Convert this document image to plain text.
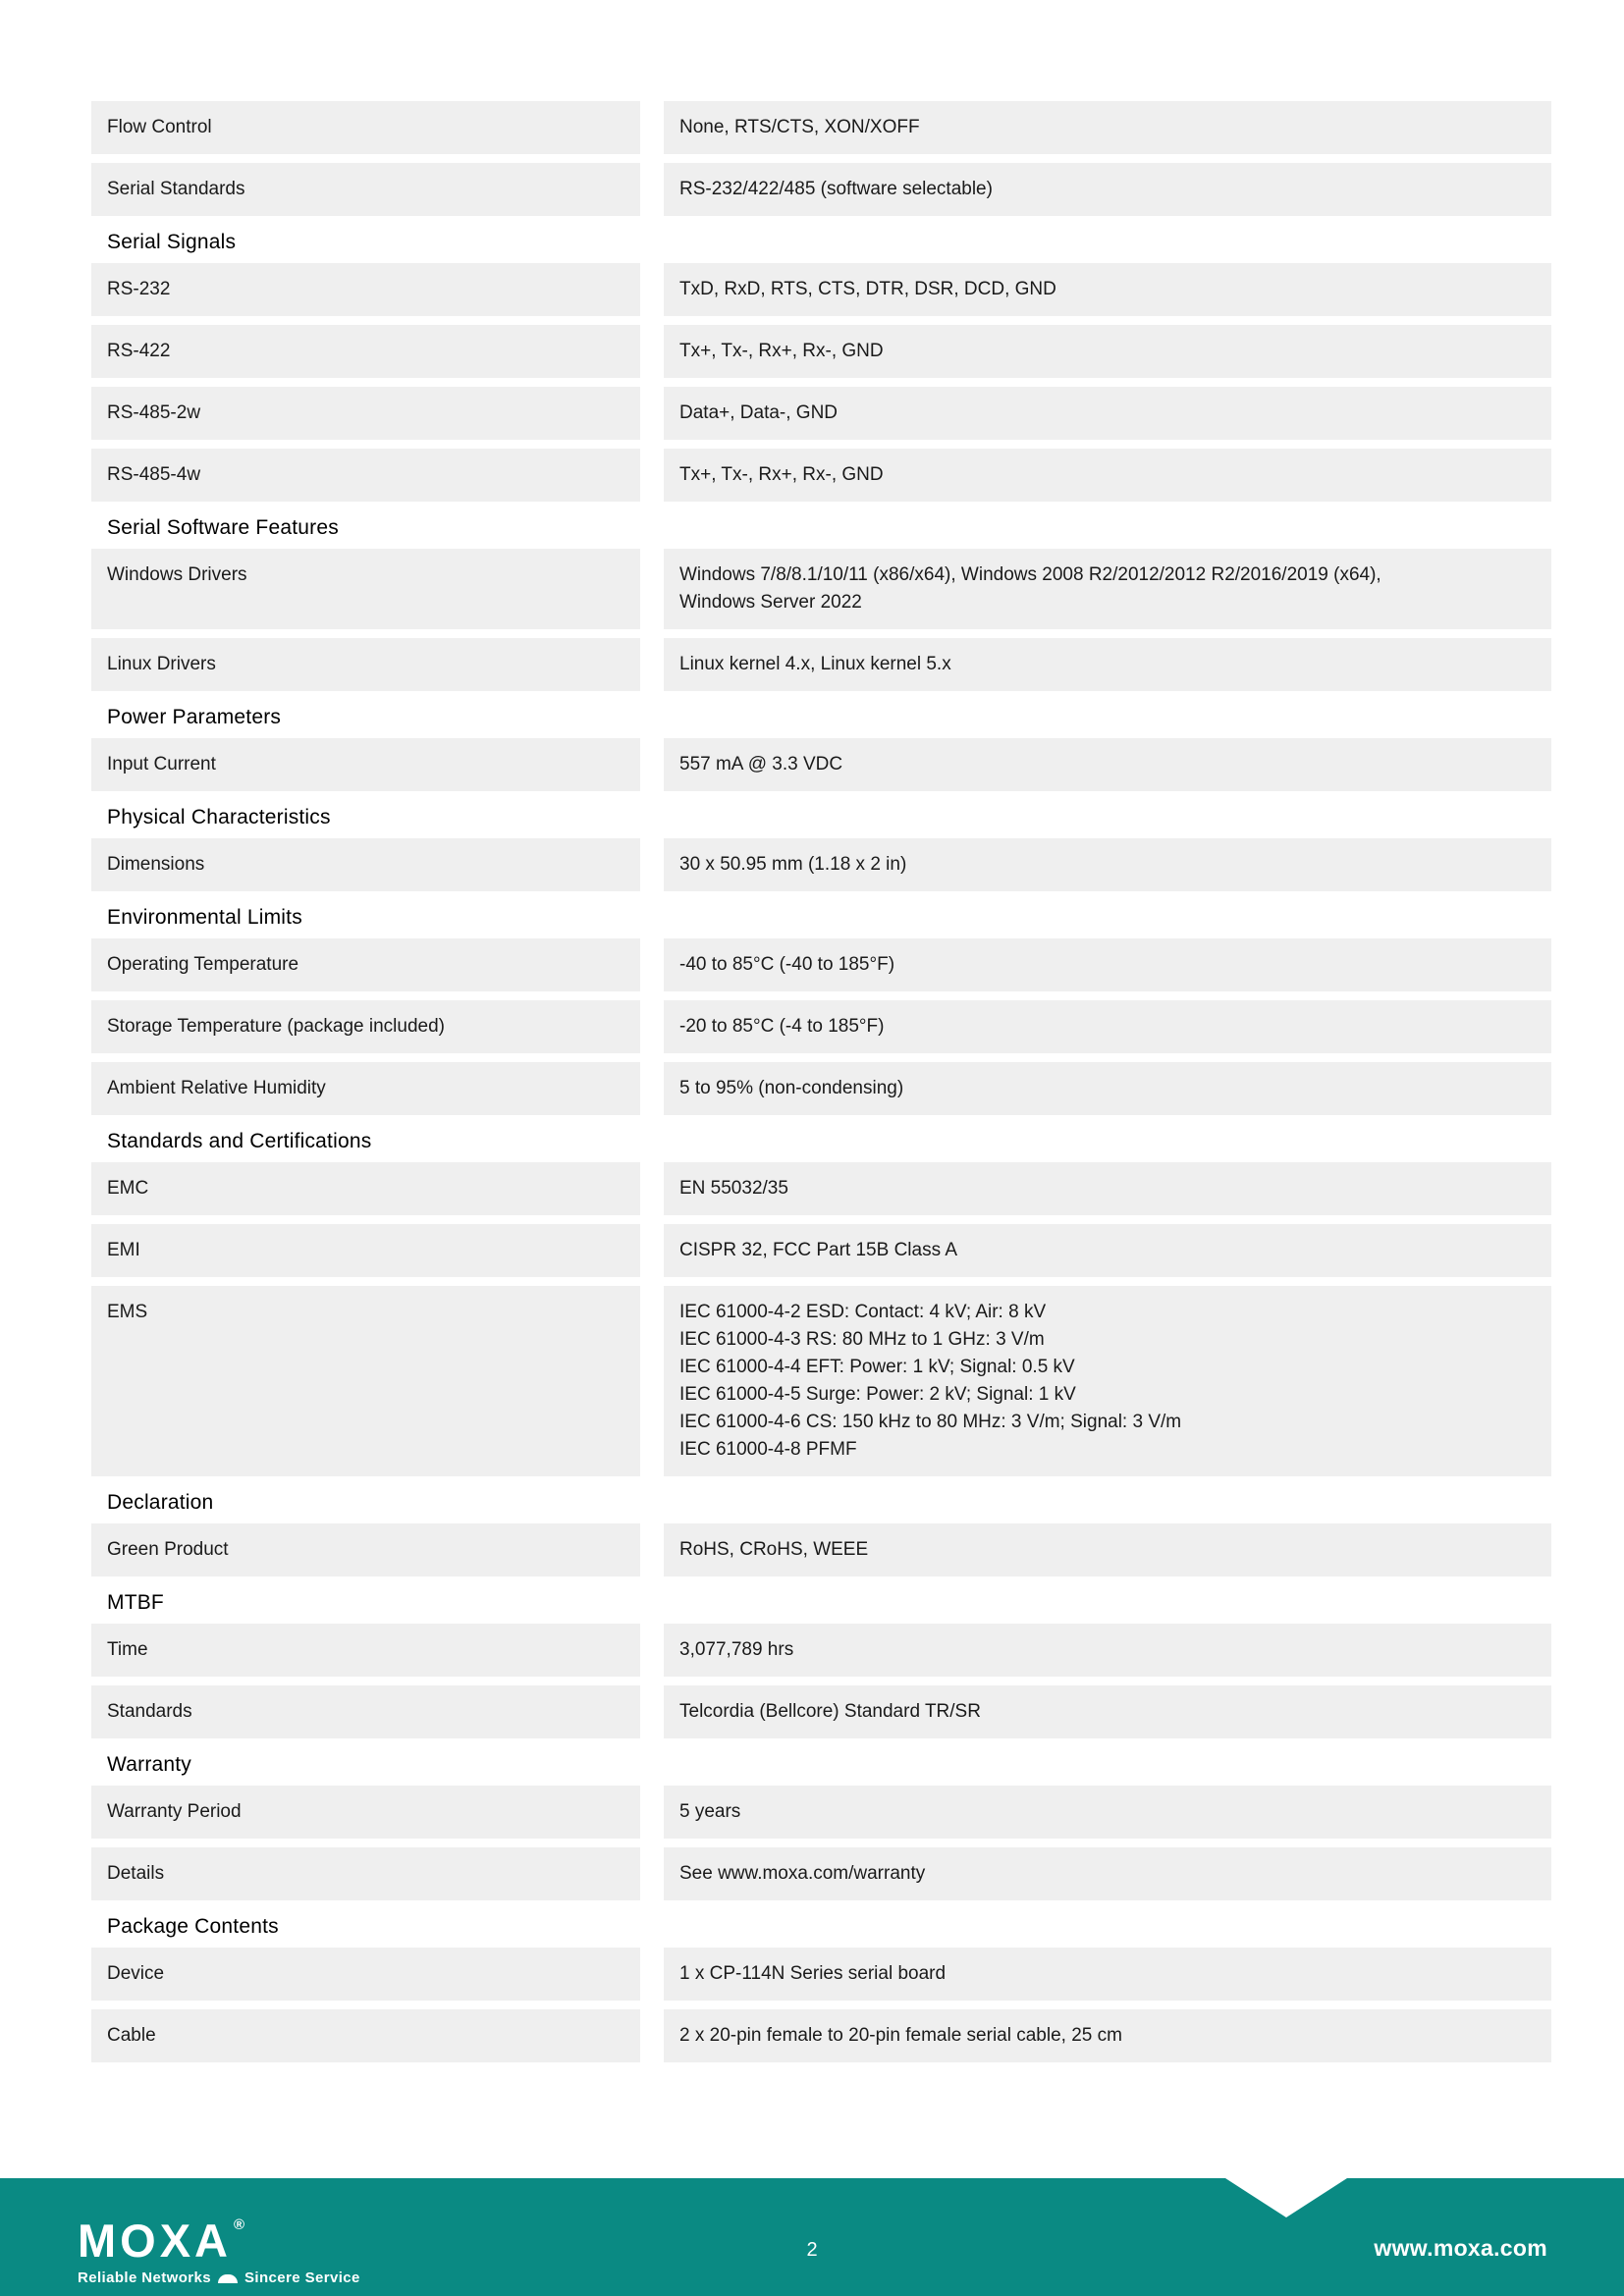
Flow Control	None, RTS/CTS, XON/XOFF
Serial Standards	RS-232/422/485 (software selectable)
Serial Signals
RS-232	TxD, RxD, RTS, CTS, DTR, DSR, DCD, GND
RS-422	Tx+, Tx-, Rx+, Rx-, GND
RS-485-2w	Data+, Data-, GND
RS-485-4w	Tx+, Tx-, Rx+, Rx-, GND
Serial Software Features
Windows Drivers	Windows 7/8/8.1/10/11 (x86/x64), Windows 2008 R2/2012/2012 R2/2016/2019 (x64),
Windows Server 2022
Linux Drivers	Linux kernel 4.x, Linux kernel 5.x
Power Parameters
Input Current	557 mA @ 3.3 VDC
Physical Characteristics
Dimensions	30 x 50.95 mm (1.18 x 2 in)
Environmental Limits
Operating Temperature	-40 to 85°C (-40 to 185°F)
Storage Temperature (package included)	-20 to 85°C (-4 to 185°F)
Ambient Relative Humidity	5 to 95% (non-condensing)
Standards and Certifications
EMC	EN 55032/35
EMI	CISPR 32, FCC Part 15B Class A
EMS	IEC 61000-4-2 ESD: Contact: 4 kV; Air: 8 kV
IEC 61000-4-3 RS: 80 MHz to 1 GHz: 3 V/m
IEC 61000-4-4 EFT: Power: 1 kV; Signal: 0.5 kV
IEC 61000-4-5 Surge: Power: 2 kV; Signal: 1 kV
IEC 61000-4-6 CS: 150 kHz to 80 MHz: 3 V/m; Signal: 3 V/m
IEC 61000-4-8 PFMF
Declaration
Green Product	RoHS, CRoHS, WEEE
MTBF
Time	3,077,789 hrs
Standards	Telcordia (Bellcore) Standard TR/SR
Warranty
Warranty Period	5 years
Details	See www.moxa.com/warranty
Package Contents
Device	1 x CP-114N Series serial board
Cable	2 x 20-pin female to 20-pin female serial cable, 25 cm
MOXA ®
Reliable Networks Sincere Service
2	www.moxa.com
